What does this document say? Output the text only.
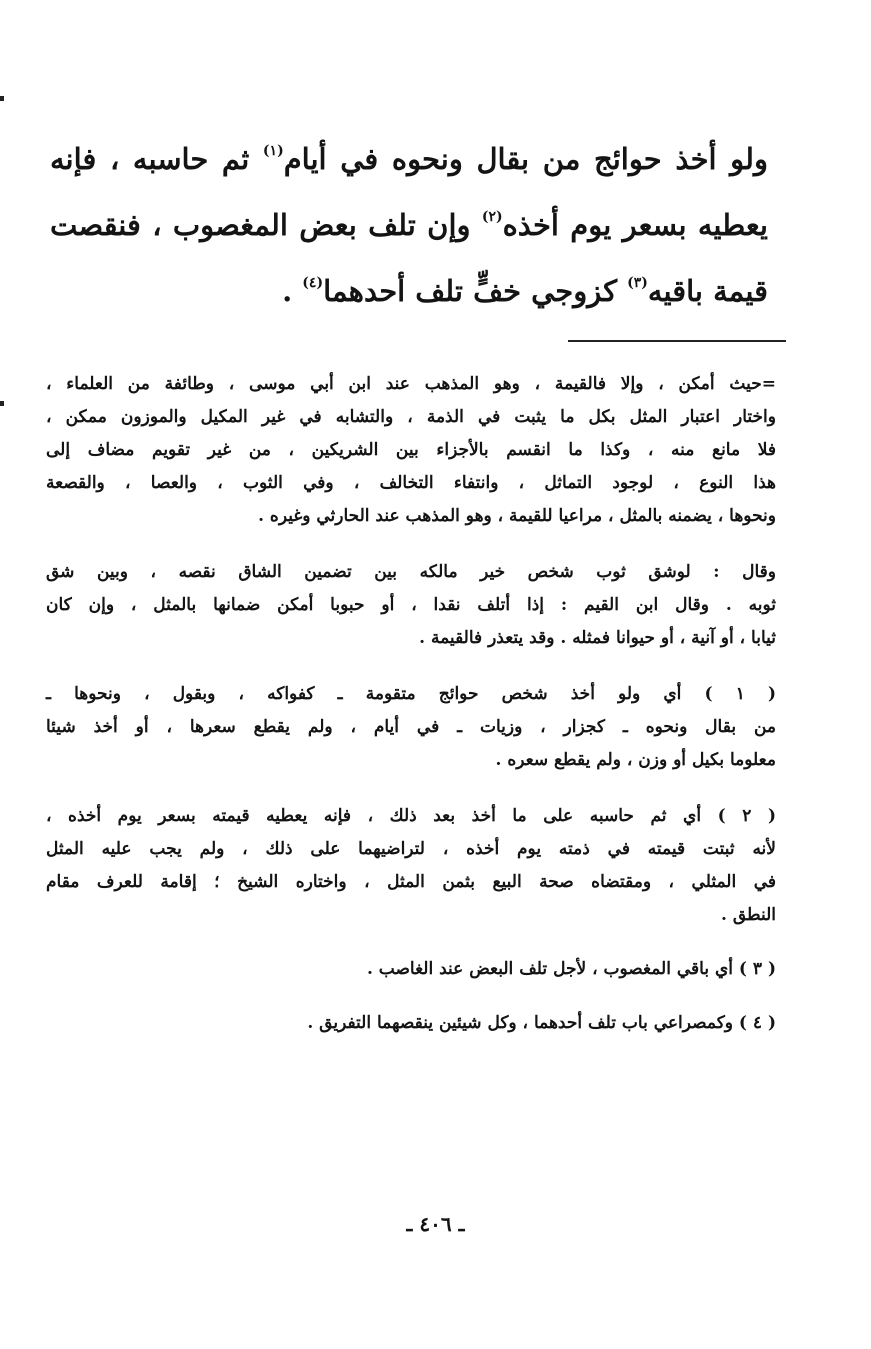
ولو أخذ حوائج من بقال ونحوه في أيام$^{(١)}$ ثم حاسبه ، فإنه
يعطيه بسعر يوم أخذه$^{(٢)}$ وإن تلف بعض المغصوب ، فنقصت
قيمة باقيه$^{(٣)}$ كزوجي خفٍّ تلف أحدهما$^{(٤)}$ .

=حيث أمكن ، وإلا فالقيمة ، وهو المذهب عند ابن أبي موسى ، وطائفة من العلماء ،
واختار اعتبار المثل بكل ما يثبت في الذمة ، والتشابه في غير المكيل والموزون ممكن ،
فلا مانع منه ، وكذا ما انقسم بالأجزاء بين الشريكين ، من غير تقويم مضاف إلى
هذا النوع ، لوجود التماثل ، وانتفاء التخالف ، وفي الثوب ، والعصا ، والقصعة
ونحوها ، يضمنه بالمثل ، مراعيا للقيمة ، وهو المذهب عند الحارثي وغيره .

وقال : لوشق ثوب شخص خير مالكه بين تضمين الشاق نقصه ، وبين شق
ثوبه . وقال ابن القيم : إذا أتلف نقدا ، أو حبوبا أمكن ضمانها بالمثل ، وإن كان
ثيابا ، أو آنية ، أو حيوانا فمثله . وقد يتعذر فالقيمة .

( ١ ) أي ولو أخذ شخص حوائج متقومة ـ كفواكه ، وبقول ، ونحوها ـ
من بقال ونحوه ـ كجزار ، وزيات ـ في أيام ، ولم يقطع سعرها ، أو أخذ شيئا
معلوما بكيل أو وزن ، ولم يقطع سعره .

( ٢ ) أي ثم حاسبه على ما أخذ بعد ذلك ، فإنه يعطيه قيمته بسعر يوم أخذه ،
لأنه ثبتت قيمته في ذمته يوم أخذه ، لتراضيهما على ذلك ، ولم يجب عليه المثل
في المثلي ، ومقتضاه صحة البيع بثمن المثل ، واختاره الشيخ ؛ إقامة للعرف مقام
النطق .

( ٣ ) أي باقي المغصوب ، لأجل تلف البعض عند الغاصب .

( ٤ ) وكمصراعي باب تلف أحدهما ، وكل شيئين ينقصهما التفريق .

ـ ٤٠٦ ـ
